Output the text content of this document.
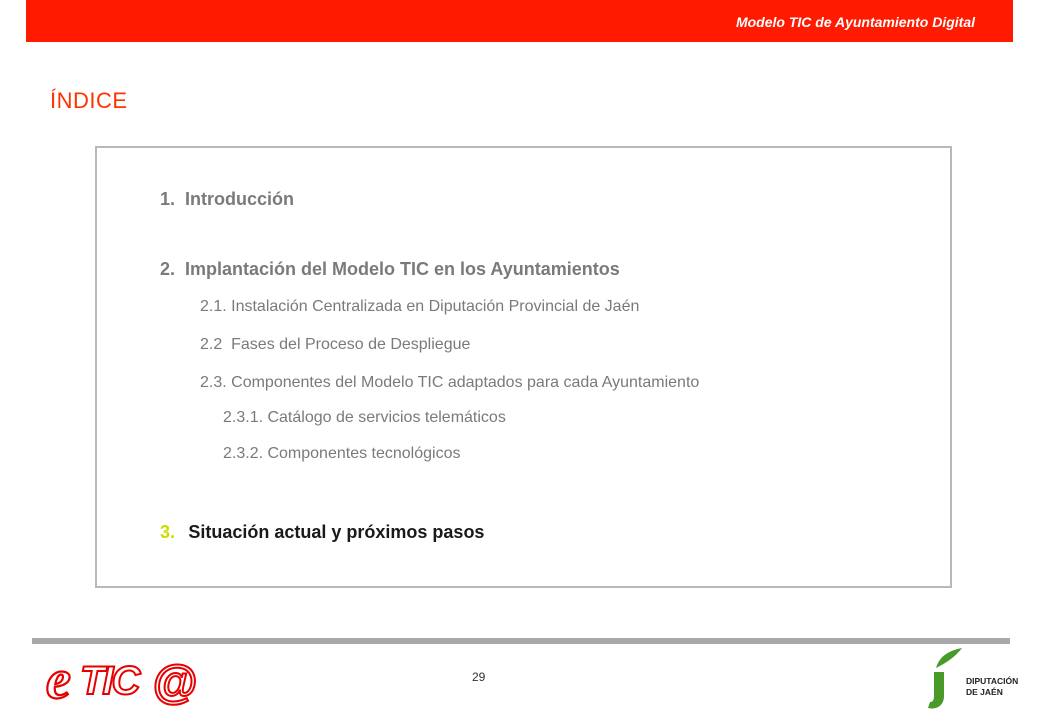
Modelo TIC de Ayuntamiento Digital
ÍNDICE
1. Introducción
2. Implantación del Modelo TIC en los Ayuntamientos
2.1. Instalación Centralizada en Diputación Provincial de Jaén
2.2  Fases del Proceso de Despliegue
2.3. Componentes del Modelo TIC adaptados para cada Ayuntamiento
2.3.1. Catálogo de servicios telemáticos
2.3.2. Componentes tecnológicos
3. Situación actual y próximos pasos
29
e TIC @	DIPUTACIÓN
DE JAÉN
